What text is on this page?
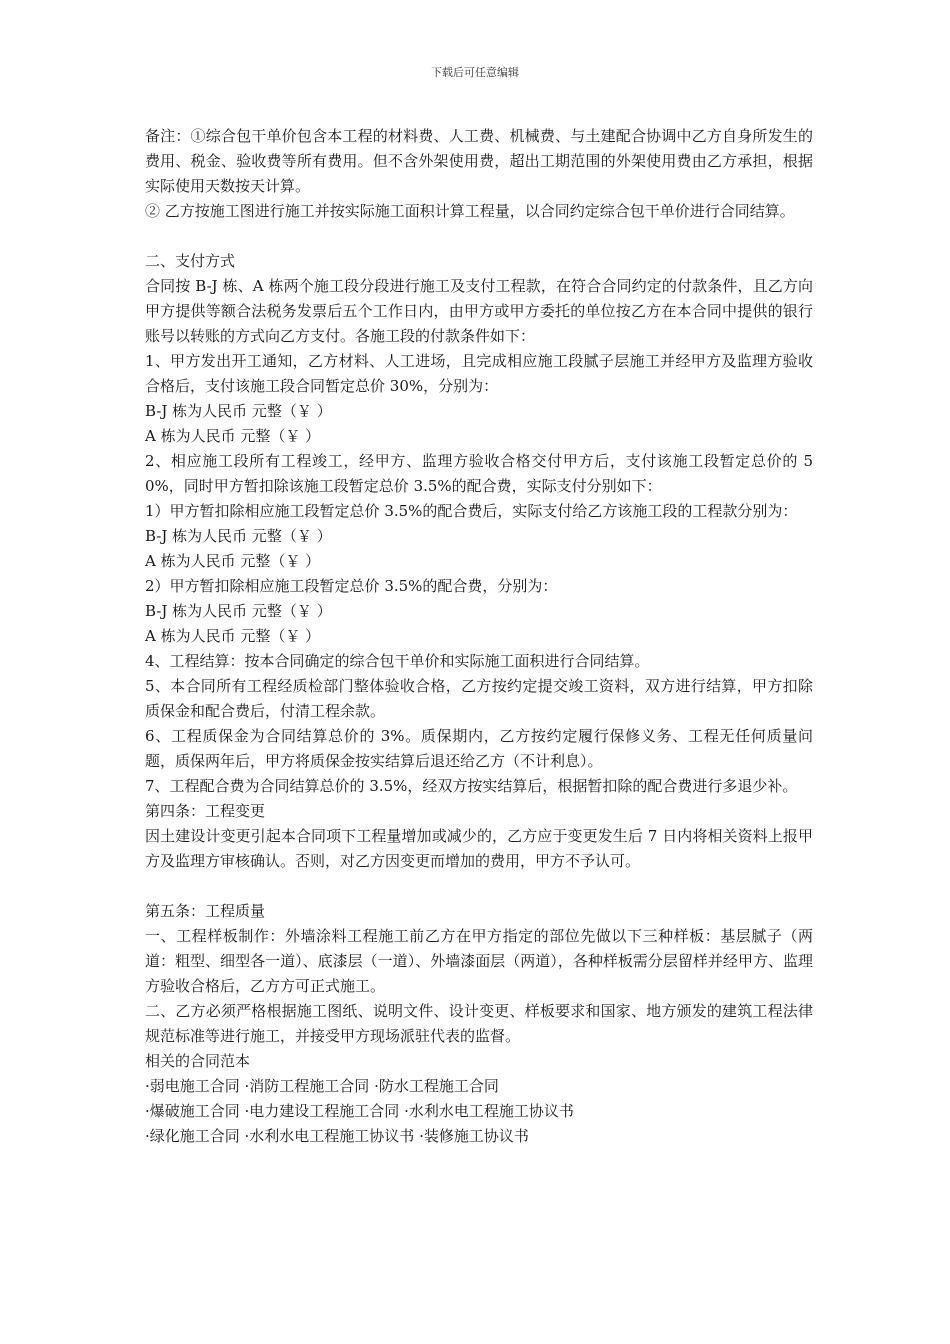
下载后可任意编辑

备注：①综合包干单价包含本工程的材料费、人工费、机械费、与土建配合协调中乙方自身所发生的费用、税金、验收费等所有费用。但不含外架使用费，超出工期范围的外架使用费由乙方承担，根据实际使用天数按天计算。

② 乙方按施工图进行施工并按实际施工面积计算工程量，以合同约定综合包干单价进行合同结算。

二、支付方式

合同按 B-J 栋、A 栋两个施工段分段进行施工及支付工程款，在符合合同约定的付款条件，且乙方向甲方提供等额合法税务发票后五个工作日内，由甲方或甲方委托的单位按乙方在本合同中提供的银行账号以转账的方式向乙方支付。各施工段的付款条件如下：

1、甲方发出开工通知，乙方材料、人工进场，且完成相应施工段腻子层施工并经甲方及监理方验收合格后，支付该施工段合同暂定总价 30%，分别为：

B-J 栋为人民币 元整（￥ ）

A 栋为人民币 元整（￥ ）

2、相应施工段所有工程竣工，经甲方、监理方验收合格交付甲方后，支付该施工段暂定总价的 50%，同时甲方暂扣除该施工段暂定总价 3.5%的配合费，实际支付分别如下：

1）甲方暂扣除相应施工段暂定总价 3.5%的配合费后，实际支付给乙方该施工段的工程款分别为：

B-J 栋为人民币 元整（￥ ）

A 栋为人民币 元整（￥ ）

2）甲方暂扣除相应施工段暂定总价 3.5%的配合费，分别为：

B-J 栋为人民币 元整（￥ ）

A 栋为人民币 元整（￥ ）

4、工程结算：按本合同确定的综合包干单价和实际施工面积进行合同结算。

5、本合同所有工程经质检部门整体验收合格，乙方按约定提交竣工资料，双方进行结算，甲方扣除质保金和配合费后，付清工程余款。

6、工程质保金为合同结算总价的 3%。质保期内，乙方按约定履行保修义务、工程无任何质量问题，质保两年后，甲方将质保金按实结算后退还给乙方（不计利息）。

7、工程配合费为合同结算总价的 3.5%，经双方按实结算后，根据暂扣除的配合费进行多退少补。

第四条：工程变更

因土建设计变更引起本合同项下工程量增加或减少的，乙方应于变更发生后 7 日内将相关资料上报甲方及监理方审核确认。否则，对乙方因变更而增加的费用，甲方不予认可。

第五条：工程质量

一、工程样板制作：外墙涂料工程施工前乙方在甲方指定的部位先做以下三种样板：基层腻子（两道：粗型、细型各一道）、底漆层（一道）、外墙漆面层（两道），各种样板需分层留样并经甲方、监理方验收合格后，乙方方可正式施工。

二、乙方必须严格根据施工图纸、说明文件、设计变更、样板要求和国家、地方颁发的建筑工程法律规范标准等进行施工，并接受甲方现场派驻代表的监督。

相关的合同范本

·弱电施工合同 ·消防工程施工合同 ·防水工程施工合同

·爆破施工合同 ·电力建设工程施工合同 ·水利水电工程施工协议书

·绿化施工合同 ·水利水电工程施工协议书 ·装修施工协议书
